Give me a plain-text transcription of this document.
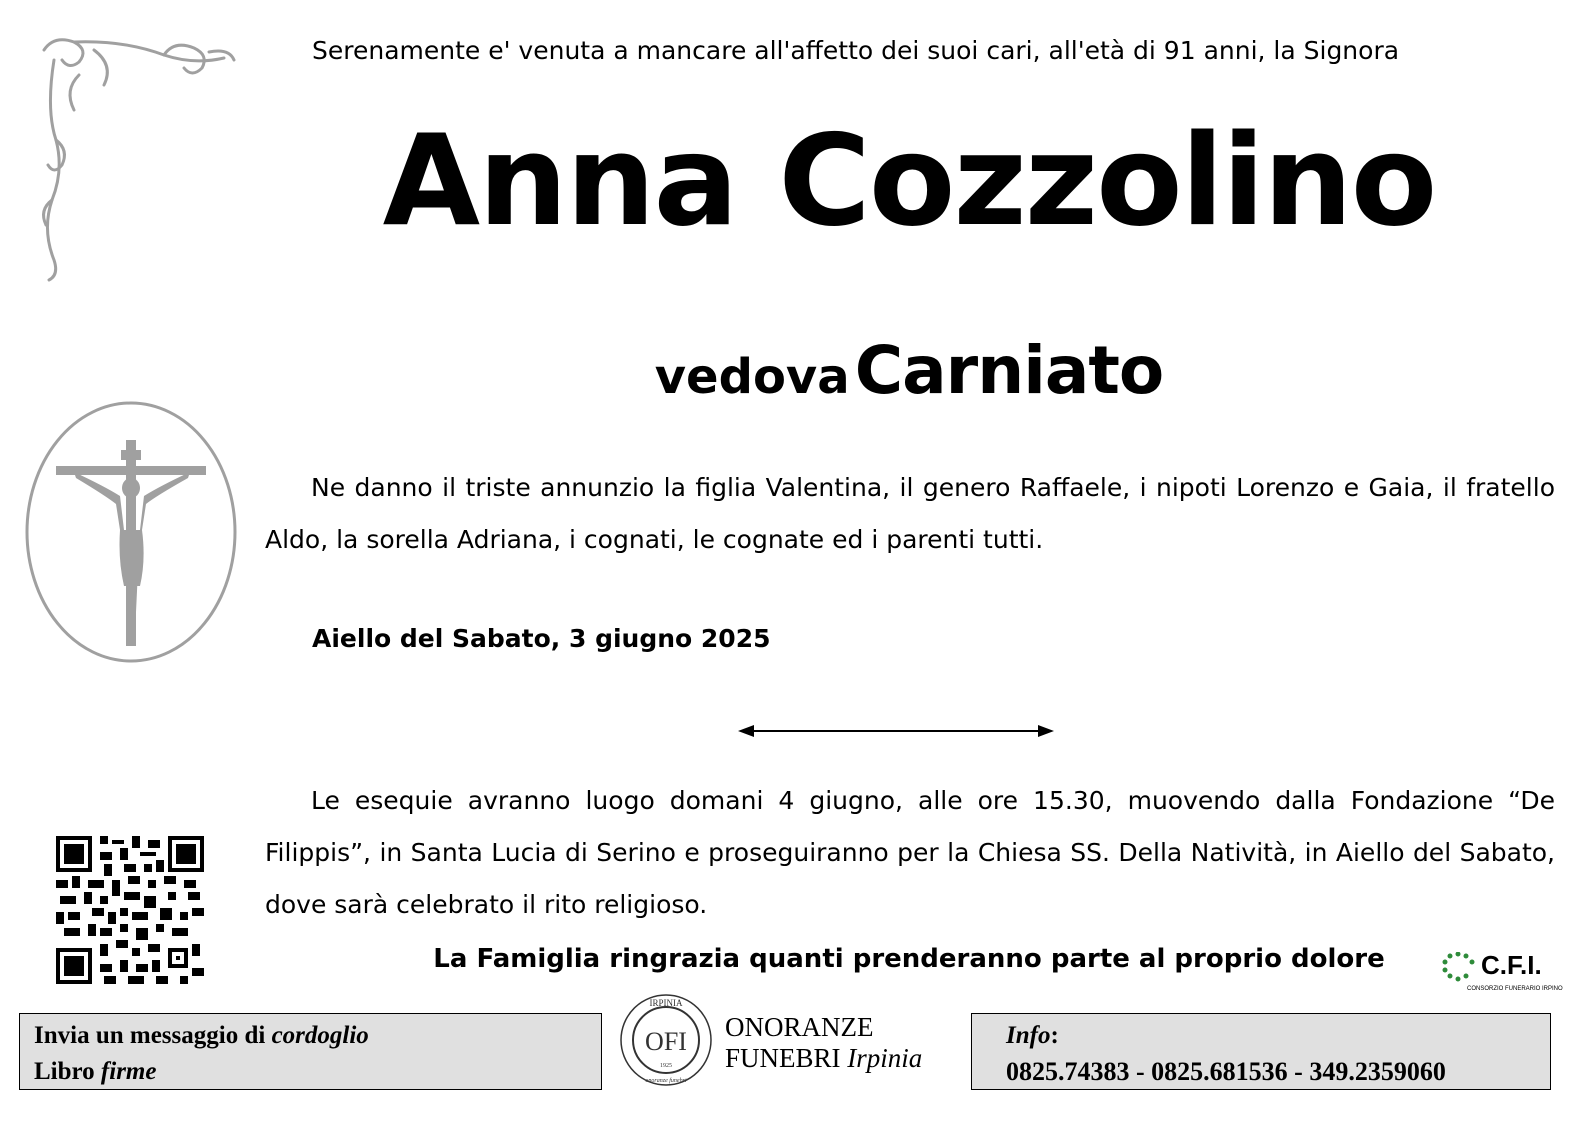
Serenamente e' venuta a mancare all'affetto dei suoi cari, all'età di 91 anni, la Signora
Anna Cozzolino
vedova Carniato
Ne danno il triste annunzio la figlia Valentina, il genero Raffaele, i nipoti Lorenzo e Gaia, il fratello Aldo, la sorella Adriana, i cognati, le cognate ed i parenti tutti.
Aiello del Sabato, 3 giugno 2025
Le esequie avranno luogo domani 4 giugno, alle ore 15.30, muovendo dalla Fondazione “De Filippis”, in Santa Lucia di Serino e proseguiranno per la Chiesa SS. Della Natività, in Aiello del Sabato, dove sarà celebrato il rito religioso.
La Famiglia ringrazia quanti prenderanno parte al proprio dolore	C.F.I.
CONSORZIO FUNERARIO IRPINO
Invia un messaggio di cordoglio
Libro firme
IRPINIA
OFI
1925
onoranze funebri
ONORANZE
FUNEBRI Irpinia
Info:
0825.74383 - 0825.681536 - 349.2359060
